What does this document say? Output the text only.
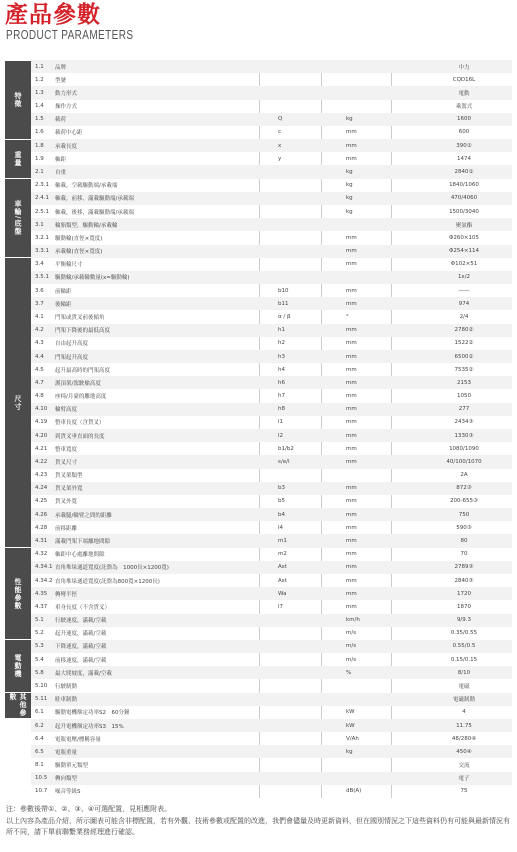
產品參數
PRODUCT PARAMETERS
特徵
重量
車輪/底盤
尺寸
性能參數
電動機
其他參數
1.1	品牌	中力
1.2	型號	CQD16L
1.3	動力形式	電動
1.4	操作方式	乘駕式
1.5	載荷	Q	kg	1600
1.6	載荷中心距	c	mm	600
1.8	承載長度	x	mm	390①
1.9	軸距	y	mm	1474
2.1	自重	kg	2840①
2.3.1	軸載，空載驅動端/承載端	kg	1840/1060
2.4.1	軸載，前移，滿載驅動端/承載端	kg	470/4060
2.5.1	軸載，後移，滿載驅動端/承載端	kg	1500/3040
3.1	輪胎類型，驅動輪/承載輪	聚氨酯
3.2.1	驅動輪(直徑×寬度)	mm	Φ260×105
3.3.1	承載輪(直徑×寬度)	mm	Φ254×114
3.4	平衡輪尺寸	mm	Φ102×51
3.5.1	驅動輪/承載輪數量(x=驅動輪)	1x/2
3.6	前輪距	b10	mm	——
3.7	後輪距	b11	mm	974
4.1	門架或貨叉前後傾角	α / β	°	2/4
4.2	門架下降後的最低高度	h1	mm	2780②
4.3	自由起升高度	h2	mm	1522②
4.4	門架起升高度	h3	mm	6500②
4.5	起升最高時的門架高度	h4	mm	7535②
4.7	護頂架/駕駛艙高度	h6	mm	2153
4.8	座椅/月臺的離地高度	h7	mm	1050
4.10	輪臂高度	h8	mm	277
4.19	整車長度（含貨叉）	l1	mm	2434③
4.20	到貨叉垂直面的長度	l2	mm	1330③
4.21	整車寬度	b1/b2	mm	1080/1090
4.22	貨叉尺寸	s/e/l	mm	40/100/1070
4.23	貨叉架類型	2A
4.24	貨叉架外寬	b3	mm	872③
4.25	貨叉外寬	b5	mm	200-655③
4.26	承載腿/輪臂之間的距離	b4	mm	750
4.28	前移距離	l4	mm	590③
4.31	滿載門架下端離地間隙	m1	mm	80
4.32	軸距中心處離地間隙	m2	mm	70
4.34.1 直角堆垛通道寬度(託盤為　1000長×1200寬)	Ast	mm	2789③
4.34.2 直角堆垛通道寬度(託盤為800寬×1200長)	Ast	mm	2840③
4.35	轉彎半徑	Wa	mm	1720
4.37	車身長度（不含貨叉）	l7	mm	1870
5.1	行駛速度，滿載/空載	km/h	9/9.3
5.2	起升速度，滿載/空載	m/s	0.35/0.55
5.3	下降速度，滿載/空載	m/s	0.55/0.5
5.4	前移速度，滿載/空載	m/s	0.15/0.15
5.8	最大爬坡度，滿載/空載	%	8/10
5.10	行駛制動	電磁
5.11	駐車制動	電磁制動
6.1	驅動電機額定功率S2　60分鐘	kW	4
6.2	起升電機額定功率S3　15%	kW	11.75
6.4	電瓶電壓/標稱容量	V/Ah	48/280④
6.5	電瓶重量	kg	450④
8.1	驅動單元類型	交流
10.5	轉向類型	電子
10.7	噪音等級S	dB(A)	75
注：參數後帶①、②、③、④可選配置，見相應附表。
以上內容為產品介紹，所示圖表可能含非標配置，若有外觀、技術參數或配置的改進，我們會儘量及時更新資料，但在國別情況之下這些資料仍有可能與最新情況有所不同，請下單前聯繫業務經理進行確認。
